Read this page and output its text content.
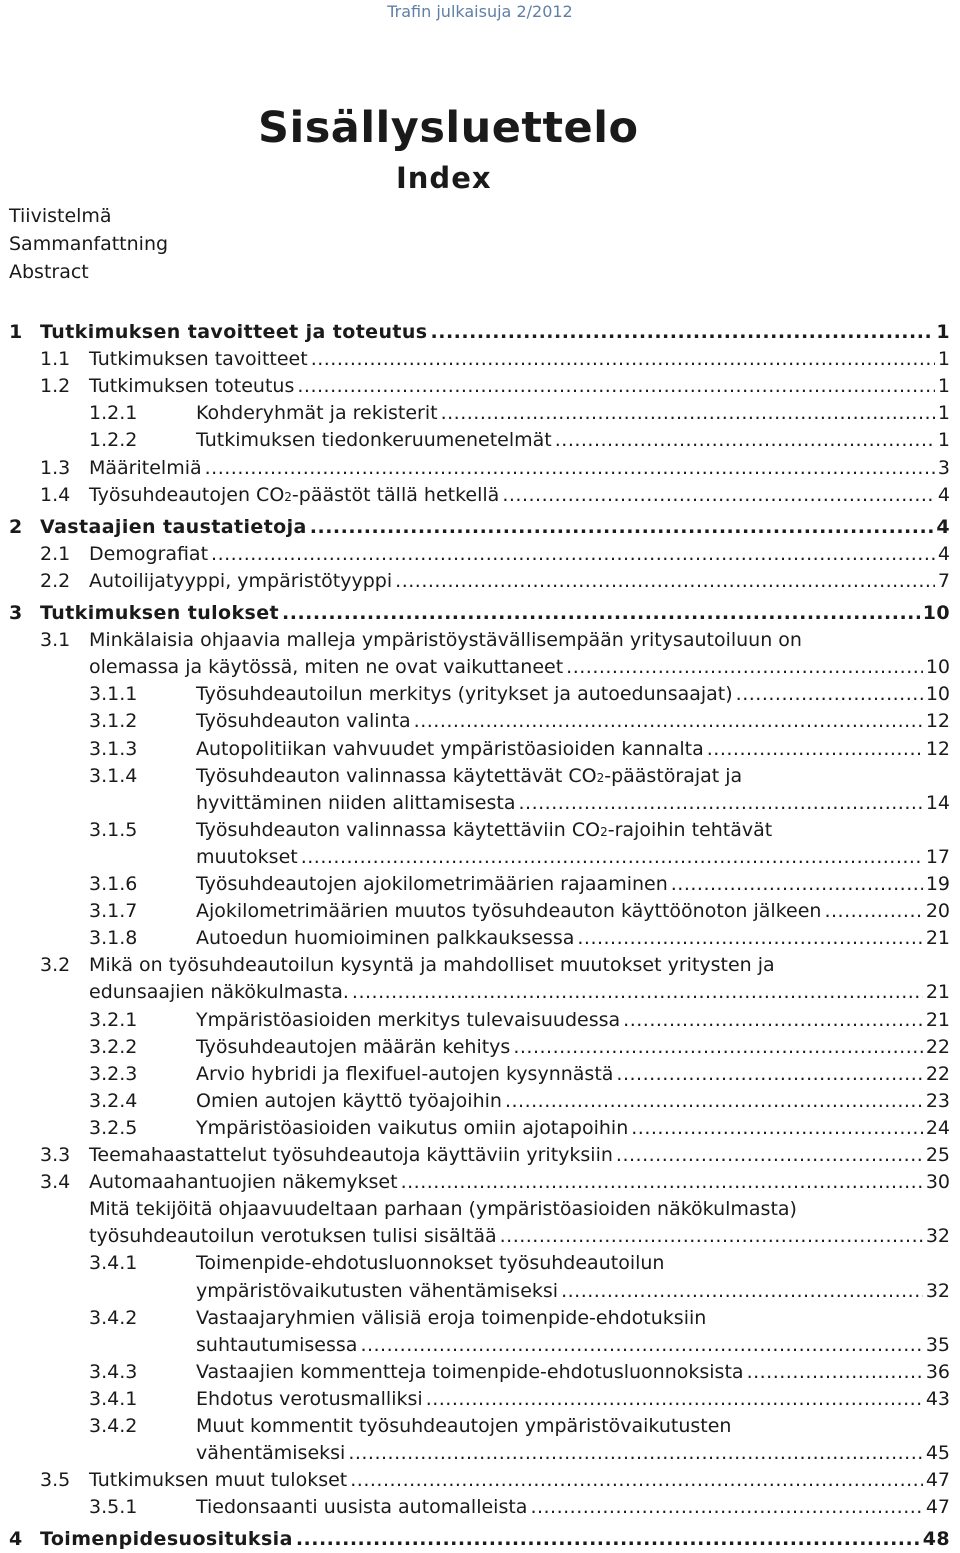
Trafin julkaisuja 2/2012
Sisällysluettelo
Index
Tiivistelmä
Sammanfattning
Abstract
1 Tutkimuksen tavoitteet ja toteutus .....	1
1.1 Tutkimuksen tavoitteet .....	1
1.2 Tutkimuksen toteutus .....	1
1.2.1	Kohderyhmät ja rekisterit .....	1
1.2.2	Tutkimuksen tiedonkeruumenetelmät .....	1
1.3 Määritelmiä .....	3
1.4 Työsuhdeautojen CO 2 -päästöt tällä hetkellä .....	4
2 Vastaajien taustatietoja .....	4
2.1 Demografiat .....	4
2.2 Autoilijatyyppi, ympäristötyyppi .....	7
3 Tutkimuksen tulokset .....	10
3.1 Minkälaisia ohjaavia malleja ympäristöystävällisempään yritysautoiluun on
olemassa ja käytössä, miten ne ovat vaikuttaneet .....	10
3.1.1	Työsuhdeautoilun merkitys (yritykset ja autoedunsaajat) .....	10
3.1.2	Työsuhdeauton valinta .....	12
3.1.3	Autopolitiikan vahvuudet ympäristöasioiden kannalta .....	12
3.1.4	Työsuhdeauton valinnassa käytettävät CO 2 -päästörajat ja
hyvittäminen niiden alittamisesta .....	14
3.1.5	Työsuhdeauton valinnassa käytettäviin CO 2 -rajoihin tehtävät
muutokset .....	17
3.1.6	Työsuhdeautojen ajokilometrimäärien rajaaminen .....	19
3.1.7	Ajokilometrimäärien muutos työsuhdeauton käyttöönoton jälkeen .....	20
3.1.8	Autoedun huomioiminen palkkauksessa .....	21
3.2 Mikä on työsuhdeautoilun kysyntä ja mahdolliset muutokset yritysten ja
edunsaajien näkökulmasta. .....	21
3.2.1	Ympäristöasioiden merkitys tulevaisuudessa .....	21
3.2.2	Työsuhdeautojen määrän kehitys .....	22
3.2.3	Arvio hybridi ja flexifuel-autojen kysynnästä .....	22
3.2.4	Omien autojen käyttö työajoihin .....	23
3.2.5	Ympäristöasioiden vaikutus omiin ajotapoihin .....	24
3.3 Teemahaastattelut työsuhdeautoja käyttäviin yrityksiin .....	25
3.4 Automaahantuojien näkemykset .....	30
Mitä tekijöitä ohjaavuudeltaan parhaan (ympäristöasioiden näkökulmasta)
työsuhdeautoilun verotuksen tulisi sisältää .....	32
3.4.1	Toimenpide-ehdotusluonnokset työsuhdeautoilun
ympäristövaikutusten vähentämiseksi .....	32
3.4.2	Vastaajaryhmien välisiä eroja toimenpide-ehdotuksiin
suhtautumisessa .....	35
3.4.3	Vastaajien kommentteja toimenpide-ehdotusluonnoksista .....	36
3.4.1	Ehdotus verotusmalliksi .....	43
3.4.2	Muut kommentit työsuhdeautojen ympäristövaikutusten
vähentämiseksi .....	45
3.5 Tutkimuksen muut tulokset .....	47
3.5.1	Tiedonsaanti uusista automalleista .....	47
4 Toimenpidesuosituksia .....	48
